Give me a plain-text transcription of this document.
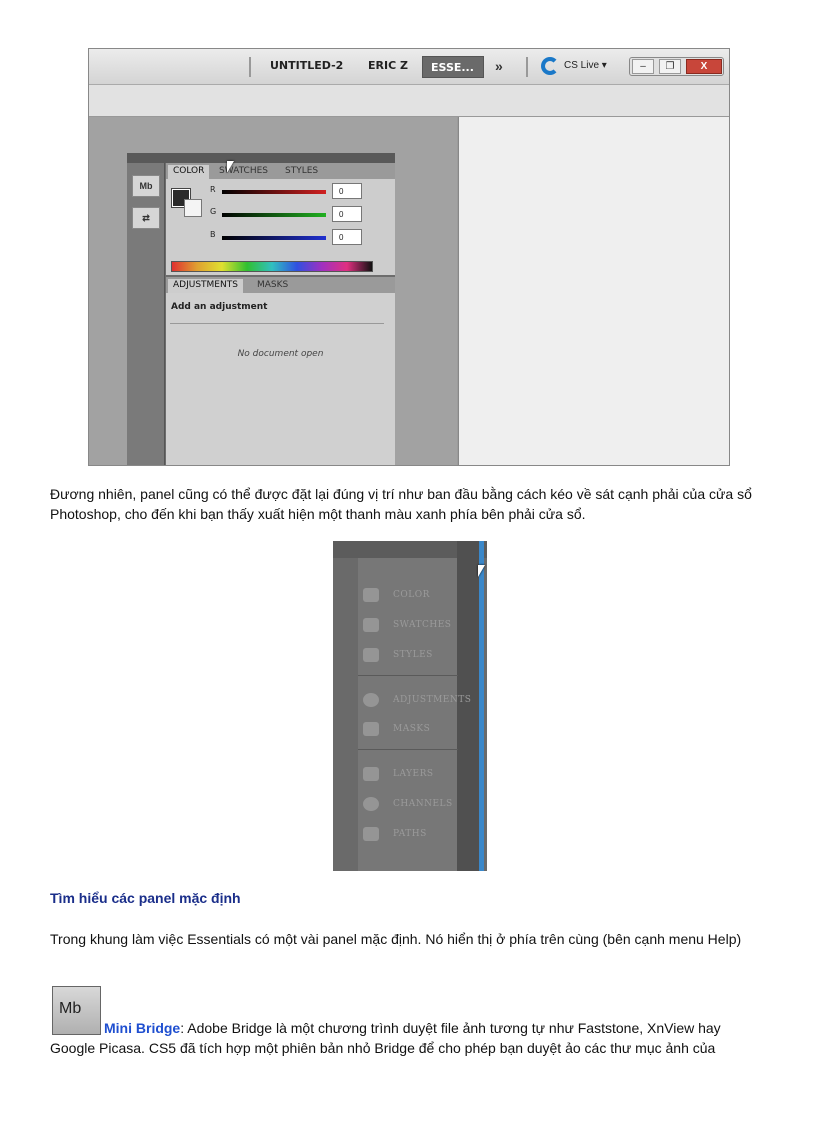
UNTITLED-2 ERIC Z	ESSE...	»	CS Live ▾	–	❐	X
Mb
⇄
COLOR	SWATCHES	STYLES
R	0
G	0
B	0
ADJUSTMENTS	MASKS
Add an adjustment
No document open

Đương nhiên, panel cũng có thể được đặt lại đúng vị trí như ban đầu bằng cách kéo về sát cạnh phải của cửa sổ Photoshop, cho đến khi bạn thấy xuất hiện một thanh màu xanh phía bên phải cửa sổ.

COLOR
SWATCHES
STYLES
ADJUSTMENTS
MASKS
LAYERS
CHANNELS
PATHS
Tìm hiểu các panel mặc định

Trong khung làm việc Essentials có một vài panel mặc định. Nó hiển thị ở phía trên cùng (bên cạnh menu Help)

Mb

Mini Bridge: Adobe Bridge là một chương trình duyệt file ảnh tương tự như Faststone, XnView hay Google Picasa. CS5 đã tích hợp một phiên bản nhỏ Bridge để cho phép bạn duyệt ảo các thư mục ảnh của
